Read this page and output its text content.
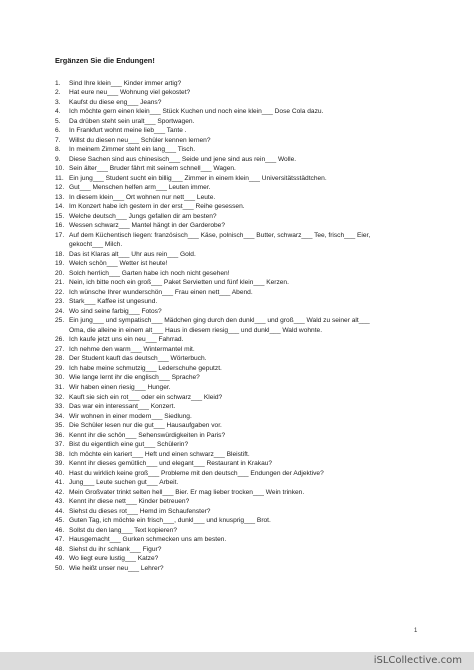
Ergänzen Sie die Endungen!
1.	Sind Ihre klein___ Kinder immer artig?
2.	Hat eure neu___ Wohnung viel gekostet?
3.	Kaufst du diese eng___ Jeans?
4.	Ich möchte gern einen klein___ Stück Kuchen und noch eine klein___ Dose Cola dazu.
5.	Da drüben steht sein uralt___ Sportwagen.
6.	In Frankfurt wohnt meine lieb___ Tante .
7.	Willst du diesen neu___ Schüler kennen lernen?
8.	In meinem Zimmer steht ein lang___ Tisch.
9.	Diese Sachen sind aus chinesisch___ Seide und jene sind aus rein___ Wolle.
10. Sein älter___ Bruder fährt mit seinem schnell___ Wagen.
11. Ein jung___ Student sucht ein billig___ Zimmer in einem klein___ Universitätsstädtchen.
12. Gut___ Menschen helfen arm___ Leuten immer.
13. In diesem klein___ Ort wohnen nur nett___ Leute.
14. Im Konzert habe ich gestern in der erst___ Reihe gesessen.
15. Welche deutsch___ Jungs gefallen dir am besten?
16. Wessen schwarz___ Mantel hängt in der Garderobe?
17. Auf dem Küchentisch liegen: französisch___ Käse, polnisch___ Butter, schwarz___ Tee, frisch___ Eier,
gekocht___ Milch.
18. Das ist Klaras alt___ Uhr aus rein___ Gold.
19. Welch schön___ Wetter ist heute!
20. Solch herrlich___ Garten habe ich noch nicht gesehen!
21. Nein, ich bitte noch ein groß___ Paket Servietten und fünf klein___ Kerzen.
22. Ich wünsche Ihrer wunderschön___ Frau einen nett___ Abend.
23. Stark___ Kaffee ist ungesund.
24. Wo sind seine farbig___ Fotos?
25. Ein jung___ und sympatisch___ Mädchen ging durch den dunkl___ und groß___ Wald zu seiner alt___
Oma, die alleine in einem alt___ Haus in diesem riesig___ und dunkl___ Wald wohnte.
26. Ich kaufe jetzt uns ein neu___ Fahrrad.
27. Ich nehme den warm___ Wintermantel mit.
28. Der Student kauft das deutsch___ Wörterbuch.
29. Ich habe meine schmutzig___ Lederschuhe geputzt.
30. Wie lange lernt ihr die englisch___ Sprache?
31. Wir haben einen riesig___ Hunger.
32. Kauft sie sich ein rot___ oder ein schwarz___ Kleid?
33. Das war ein interessant___ Konzert.
34. Wir wohnen in einer modern___ Siedlung.
35. Die Schüler lesen nur die gut___ Hausaufgaben vor.
36. Kennt ihr die schön___ Sehenswürdigkeiten in Paris?
37. Bist du eigentlich eine gut___ Schülerin?
38. Ich möchte ein kariert___ Heft und einen schwarz___ Bleistift.
39. Kennt ihr dieses gemütlich___ und elegant___ Restaurant in Krakau?
40. Hast du wirklich keine groß___ Probleme mit den deutsch___ Endungen der Adjektive?
41. Jung___ Leute suchen gut___ Arbeit.
42. Mein Großvater trinkt selten hell___ Bier. Er mag lieber trocken___ Wein trinken.
43. Kennt ihr diese nett___ Kinder betreuen?
44. Siehst du dieses rot___ Hemd im Schaufenster?
45. Guten Tag, ich möchte ein frisch___, dunkl___ und knusprig___ Brot.
46. Sollst du den lang___ Text kopieren?
47. Hausgemacht___ Gurken schmecken uns am besten.
48. Siehst du ihr schlank___ Figur?
49. Wo liegt eure lustig___ Katze?
50. Wie heißt unser neu___ Lehrer?
1
iSLCollective.com
